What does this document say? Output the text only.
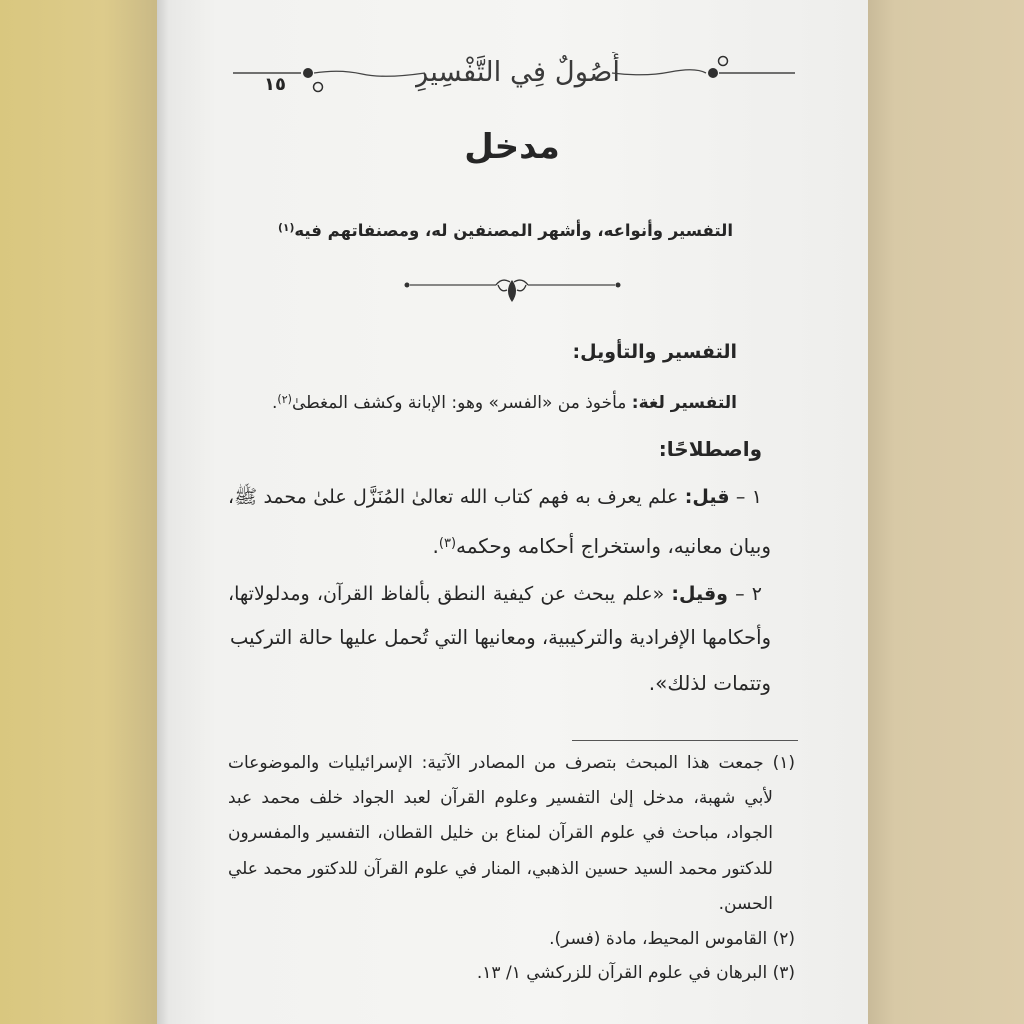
أُصُولٌ فِي التَّفْسِيرِ
١٥
مدخل
التفسير وأنواعه، وأشهر المصنفين له، ومصنفاتهم فيه$^{(١)}$
التفسير والتأويل:
التفسير لغة: مأخوذ من «الفسر» وهو: الإبانة وكشف المغطىٰ$^{(٢)}$.
واصطلاحًا:
١ – قيل: علم يعرف به فهم كتاب الله تعالىٰ المُنَزَّل علىٰ محمد ﷺ،
وبيان معانيه، واستخراج أحكامه وحكمه$^{(٣)}$.
٢ – وقيل: «علم يبحث عن كيفية النطق بألفاظ القرآن، ومدلولاتها،
وأحكامها الإفرادية والتركيبية، ومعانيها التي تُحمل عليها حالة التركيب
وتتمات لذلك».
(١) جمعت هذا المبحث بتصرف من المصادر الآتية: الإسرائيليات والموضوعات
لأبي شهبة، مدخل إلىٰ التفسير وعلوم القرآن لعبد الجواد خلف محمد عبد
الجواد، مباحث في علوم القرآن لمناع بن خليل القطان، التفسير والمفسرون
للدكتور محمد السيد حسين الذهبي، المنار في علوم القرآن للدكتور محمد علي
الحسن.
(٢) القاموس المحيط، مادة (فسر).
(٣) البرهان في علوم القرآن للزركشي ١/ ١٣.
